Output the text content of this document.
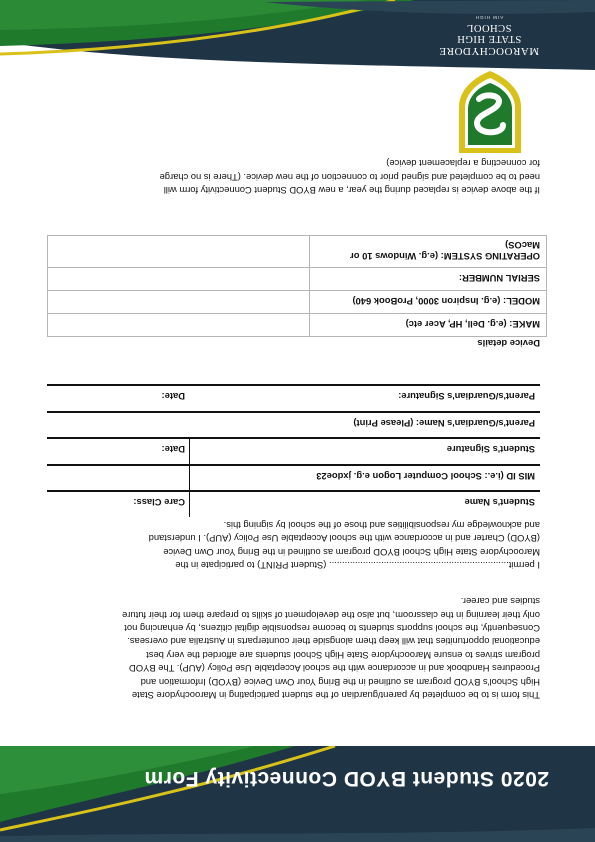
2020 Student BYOD Connectivity Form

This form is to be completed by parent/guardian of the student participating in Maroochydore State
High School's BYOD program as outlined in the Bring Your Own Device (BYOD) Information and
Procedures Handbook and in accordance with the school Acceptable Use Policy (AUP). The BYOD
program strives to ensure Maroochydore State High School students are afforded the very best
educational opportunities that will keep them alongside their counterparts in Australia and overseas.
Consequently, the school supports students to become responsible digital citizens, by enhancing not
only their learning in the classroom, but also the development of skills to prepare them for their future
studies and career.

I permit..................................................................... (Student PRINT) to participate in the
Maroochydore State High School BYOD program as outlined in the Bring Your Own Device
(BYOD) Charter and in accordance with the school Acceptable Use Policy (AUP). I understand
and acknowledge my responsibilities and those of the school by signing this.

Student's Name
Care Class:
MIS ID (i.e.: School Computer Logon e.g. jxdoe23
Student's Signature
Date:
Parent's/Guardian's Name: (Please Print)
Parent's/Guardian's Signature:
Date:

Device details

MAKE: (e.g. Dell, HP, Acer etc)	
MODEL: (e.g. Inspiron 3000, ProBook 640)	
SERIAL NUMBER:	
OPERATING SYSTEM: (e.g. Windows 10 or MacOS)	

If the above device is replaced during the year, a new BYOD Student Connectivity form will
need to be completed and signed prior to connection of the new device. (There is no charge
for connecting a replacement device)

MAROOCHYDORE
STATE HIGH SCHOOL
AIM HIGH
